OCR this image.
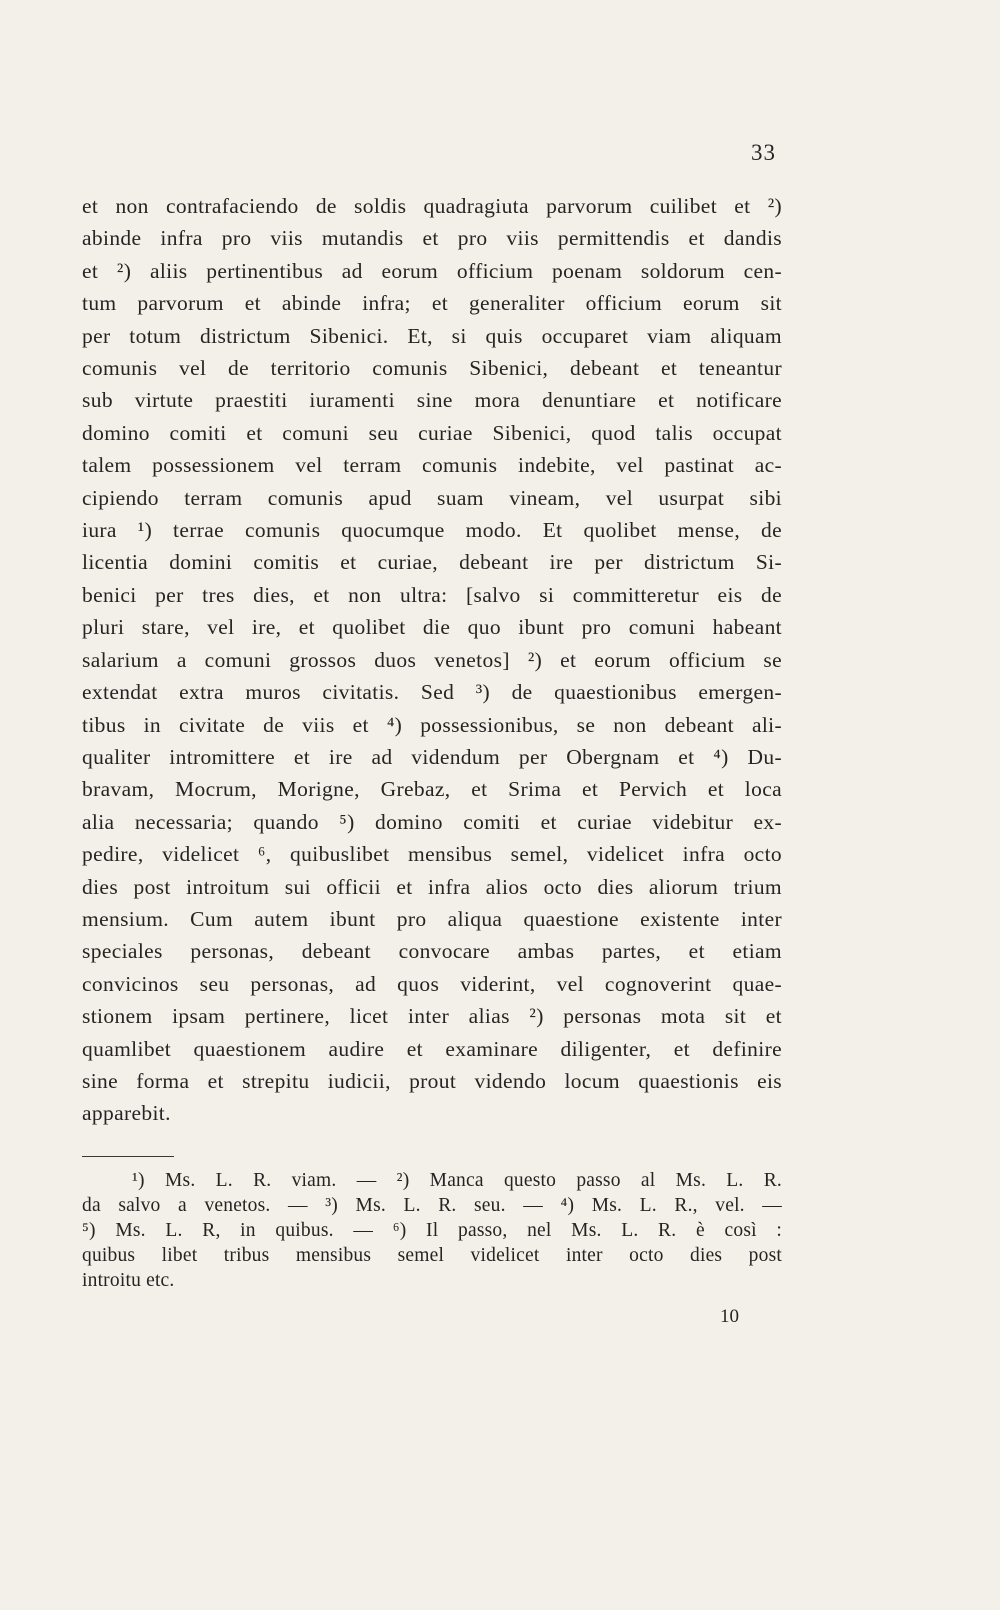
33
et non contrafaciendo de soldis quadragiuta parvorum cuilibet et ²)
abinde infra pro viis mutandis et pro viis permittendis et dandis
et ²) aliis pertinentibus ad eorum officium poenam soldorum cen-
tum parvorum et abinde infra; et generaliter officium eorum sit
per totum districtum Sibenici. Et, si quis occuparet viam aliquam
comunis vel de territorio comunis Sibenici, debeant et teneantur
sub virtute praestiti iuramenti sine mora denuntiare et notificare
domino comiti et comuni seu curiae Sibenici, quod talis occupat
talem possessionem vel terram comunis indebite, vel pastinat ac-
cipiendo terram comunis apud suam vineam, vel usurpat sibi
iura ¹) terrae comunis quocumque modo. Et quolibet mense, de
licentia domini comitis et curiae, debeant ire per districtum Si-
benici per tres dies, et non ultra: [salvo si committeretur eis de
pluri stare, vel ire, et quolibet die quo ibunt pro comuni habeant
salarium a comuni grossos duos venetos] ²) et eorum officium se
extendat extra muros civitatis. Sed ³) de quaestionibus emergen-
tibus in civitate de viis et ⁴) possessionibus, se non debeant ali-
qualiter intromittere et ire ad videndum per Obergnam et ⁴) Du-
bravam, Mocrum, Morigne, Grebaz, et Srima et Pervich et loca
alia necessaria; quando ⁵) domino comiti et curiae videbitur ex-
pedire, videlicet ⁶, quibuslibet mensibus semel, videlicet infra octo
dies post introitum sui officii et infra alios octo dies aliorum trium
mensium. Cum autem ibunt pro aliqua quaestione existente inter
speciales personas, debeant convocare ambas partes, et etiam
convicinos seu personas, ad quos viderint, vel cognoverint quae-
stionem ipsam pertinere, licet inter alias ²) personas mota sit et
quamlibet quaestionem audire et examinare diligenter, et definire
sine forma et strepitu iudicii, prout videndo locum quaestionis eis
apparebit.
¹) Ms. L. R. viam. — ²) Manca questo passo al Ms. L. R.
da salvo a venetos. — ³) Ms. L. R. seu. — ⁴) Ms. L. R., vel. —
⁵) Ms. L. R, in quibus. — ⁶) Il passo, nel Ms. L. R. è così :
quibus libet tribus mensibus semel videlicet inter octo dies post
introitu etc.
10
